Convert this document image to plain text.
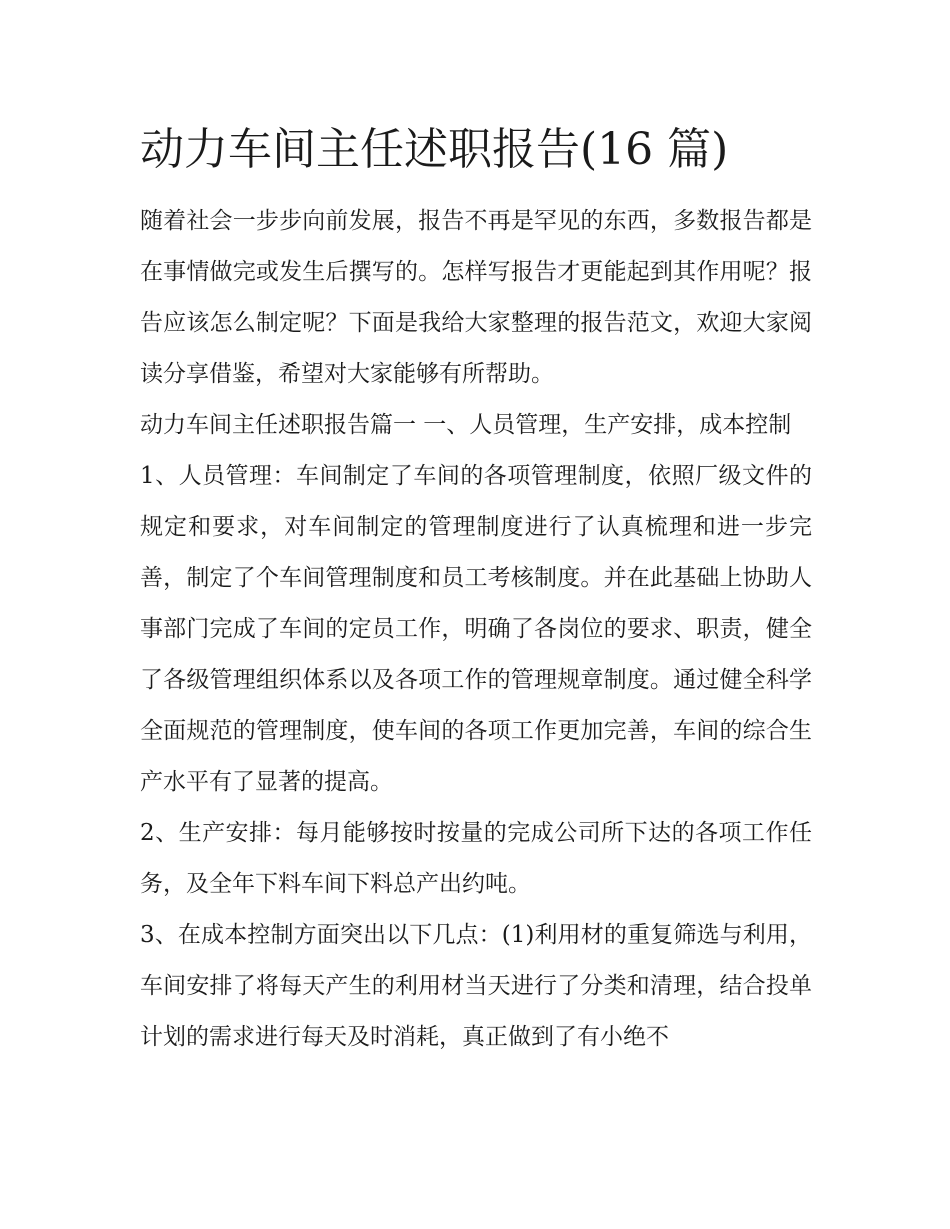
动力车间主任述职报告(16 篇)

随着社会一步步向前发展，报告不再是罕见的东西，多数报告都是在事情做完或发生后撰写的。怎样写报告才更能起到其作用呢？报告应该怎么制定呢？下面是我给大家整理的报告范文，欢迎大家阅读分享借鉴，希望对大家能够有所帮助。

动力车间主任述职报告篇一 一、人员管理，生产安排，成本控制

1、人员管理：车间制定了车间的各项管理制度，依照厂级文件的规定和要求，对车间制定的管理制度进行了认真梳理和进一步完善，制定了个车间管理制度和员工考核制度。并在此基础上协助人事部门完成了车间的定员工作，明确了各岗位的要求、职责，健全了各级管理组织体系以及各项工作的管理规章制度。通过健全科学全面规范的管理制度，使车间的各项工作更加完善，车间的综合生产水平有了显著的提高。

2、生产安排：每月能够按时按量的完成公司所下达的各项工作任务，及全年下料车间下料总产出约吨。

3、在成本控制方面突出以下几点：(1)利用材的重复筛选与利用，车间安排了将每天产生的利用材当天进行了分类和清理，结合投单计划的需求进行每天及时消耗，真正做到了有小绝不
